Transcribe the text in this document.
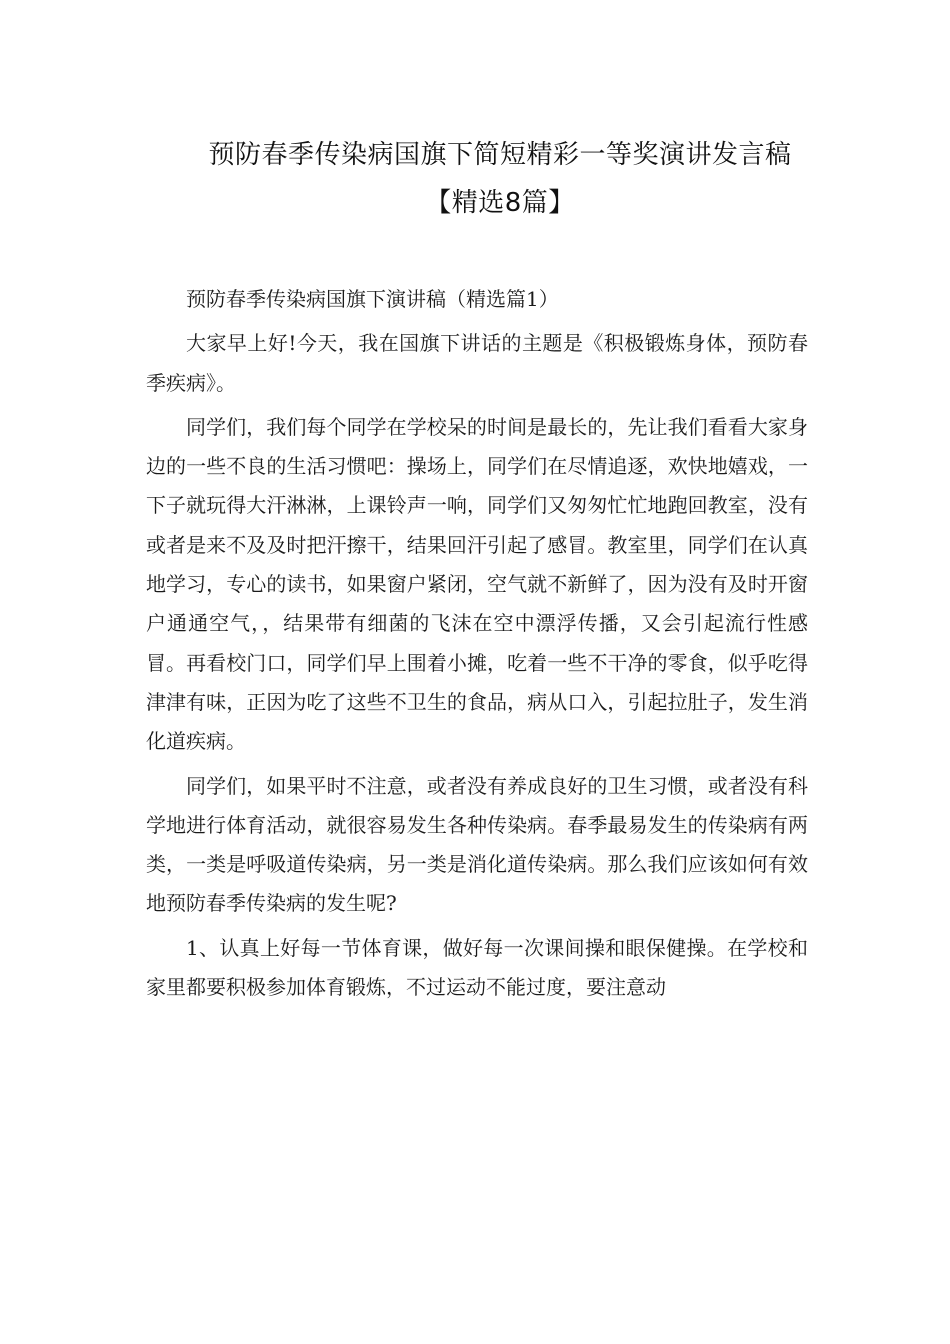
预防春季传染病国旗下简短精彩一等奖演讲发言稿
【精选8篇】

预防春季传染病国旗下演讲稿（精选篇1）

大家早上好!今天，我在国旗下讲话的主题是《积极锻炼身体，预防春季疾病》。

同学们，我们每个同学在学校呆的时间是最长的，先让我们看看大家身边的一些不良的生活习惯吧：操场上，同学们在尽情追逐，欢快地嬉戏，一下子就玩得大汗淋淋，上课铃声一响，同学们又匆匆忙忙地跑回教室，没有或者是来不及及时把汗擦干，结果回汗引起了感冒。教室里，同学们在认真地学习，专心的读书，如果窗户紧闭，空气就不新鲜了，因为没有及时开窗户通通空气，，结果带有细菌的飞沫在空中漂浮传播，又会引起流行性感冒。再看校门口，同学们早上围着小摊，吃着一些不干净的零食，似乎吃得津津有味，正因为吃了这些不卫生的食品，病从口入，引起拉肚子，发生消化道疾病。

同学们，如果平时不注意，或者没有养成良好的卫生习惯，或者没有科学地进行体育活动，就很容易发生各种传染病。春季最易发生的传染病有两类，一类是呼吸道传染病，另一类是消化道传染病。那么我们应该如何有效地预防春季传染病的发生呢?

1、认真上好每一节体育课，做好每一次课间操和眼保健操。在学校和家里都要积极参加体育锻炼，不过运动不能过度，要注意动
